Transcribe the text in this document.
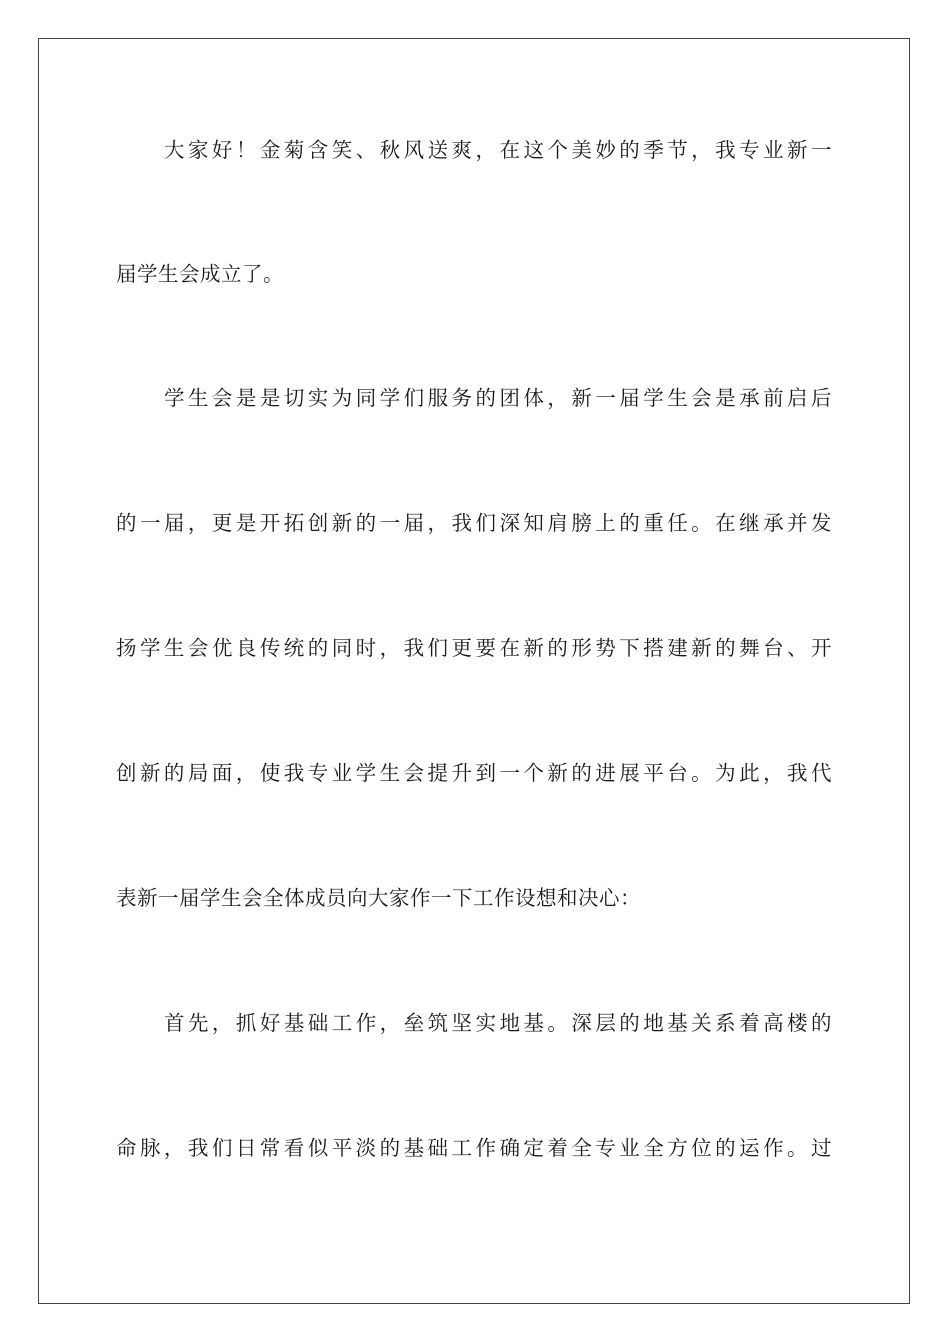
大家好！金菊含笑、秋风送爽，在这个美妙的季节，我专业新一
届学生会成立了。
学生会是是切实为同学们服务的团体，新一届学生会是承前启后
的一届，更是开拓创新的一届，我们深知肩膀上的重任。在继承并发
扬学生会优良传统的同时，我们更要在新的形势下搭建新的舞台、开
创新的局面，使我专业学生会提升到一个新的进展平台。为此，我代
表新一届学生会全体成员向大家作一下工作设想和决心：
首先，抓好基础工作，垒筑坚实地基。深层的地基关系着高楼的
命脉，我们日常看似平淡的基础工作确定着全专业全方位的运作。过
